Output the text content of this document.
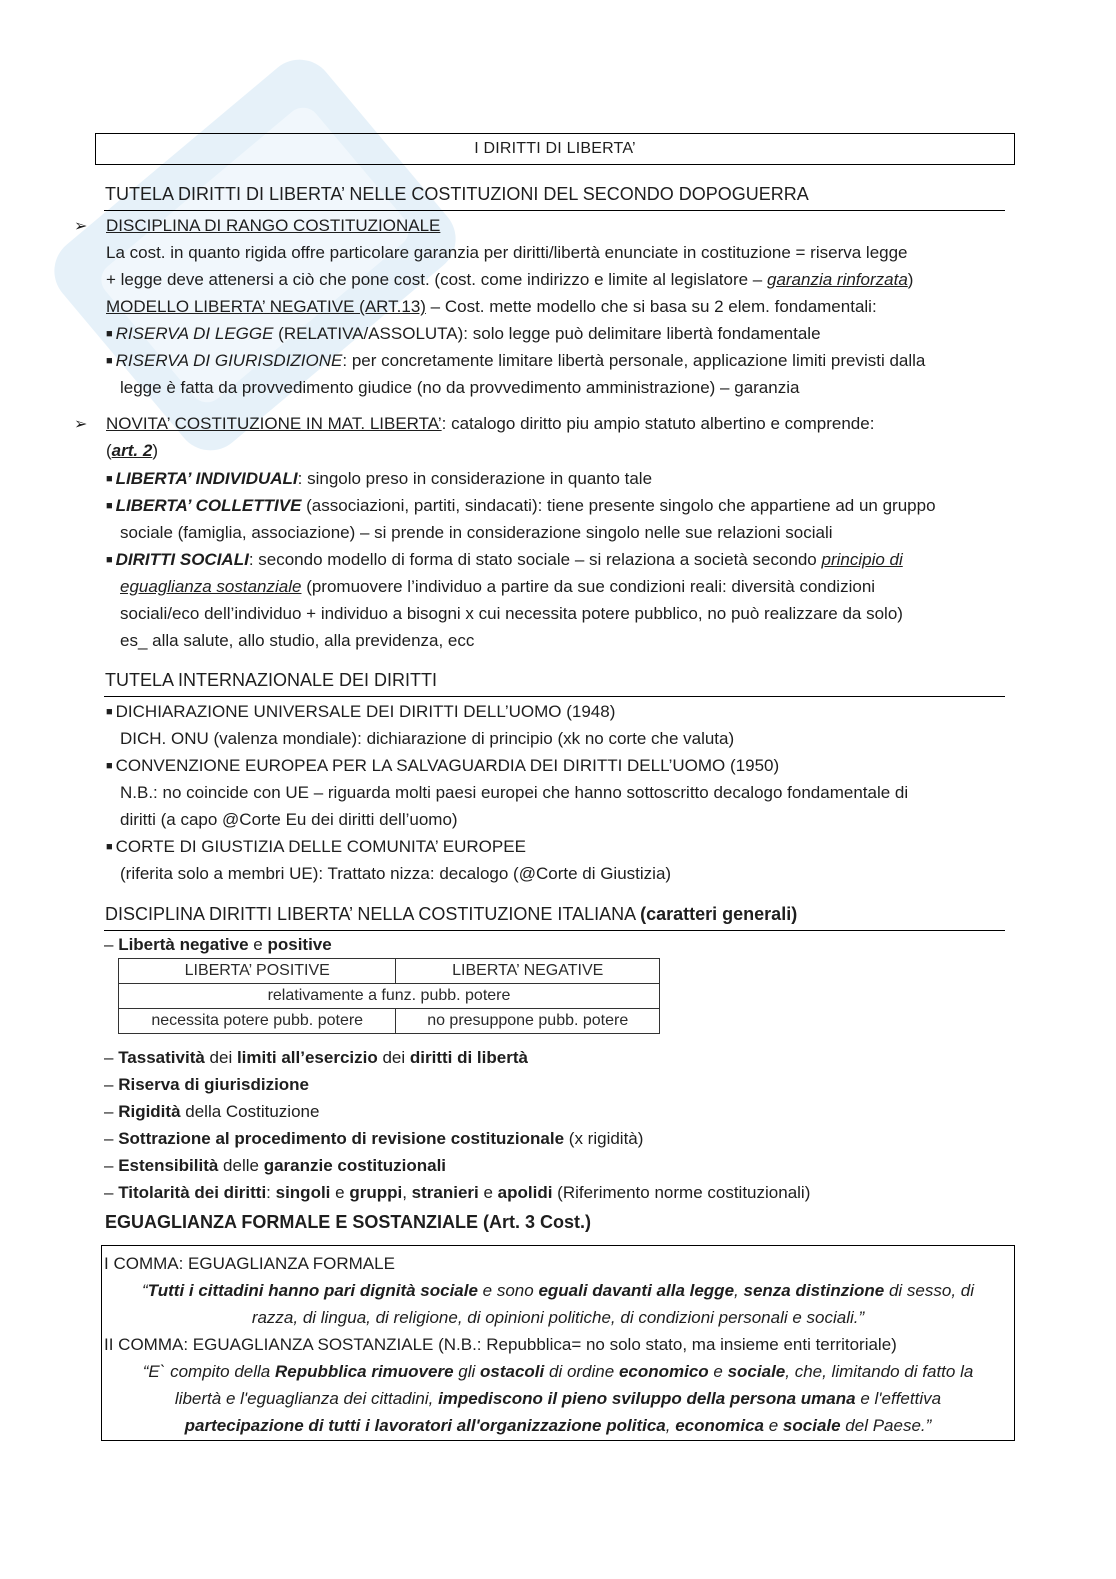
I DIRITTI DI LIBERTA’
TUTELA DIRITTI DI LIBERTA’ NELLE COSTITUZIONI DEL SECONDO DOPOGUERRA
➢ DISCIPLINA DI RANGO COSTITUZIONALE
La cost. in quanto rigida offre particolare garanzia per diritti/libertà enunciate in costituzione = riserva legge
+ legge deve attenersi a ciò che pone cost. (cost. come indirizzo e limite al legislatore – garanzia rinforzata)
MODELLO LIBERTA’ NEGATIVE (ART.13) – Cost. mette modello che si basa su 2 elem. fondamentali:
■ RISERVA DI LEGGE (RELATIVA/ASSOLUTA): solo legge può delimitare libertà fondamentale
■ RISERVA DI GIURISDIZIONE: per concretamente limitare libertà personale, applicazione limiti previsti dalla
legge è fatta da provvedimento giudice (no da provvedimento amministrazione) – garanzia
➢ NOVITA’ COSTITUZIONE IN MAT. LIBERTA’: catalogo diritto piu ampio statuto albertino e comprende:
(art. 2)
■ LIBERTA’ INDIVIDUALI: singolo preso in considerazione in quanto tale
■ LIBERTA’ COLLETTIVE (associazioni, partiti, sindacati): tiene presente singolo che appartiene ad un gruppo
sociale (famiglia, associazione) – si prende in considerazione singolo nelle sue relazioni sociali
■ DIRITTI SOCIALI: secondo modello di forma di stato sociale – si relaziona a società secondo principio di
eguaglianza sostanziale (promuovere l’individuo a partire da sue condizioni reali: diversità condizioni
sociali/eco dell’individuo + individuo a bisogni x cui necessita potere pubblico, no può realizzare da solo)
es_ alla salute, allo studio, alla previdenza, ecc
TUTELA INTERNAZIONALE DEI DIRITTI
■ DICHIARAZIONE UNIVERSALE DEI DIRITTI DELL’UOMO (1948)
DICH. ONU (valenza mondiale): dichiarazione di principio (xk no corte che valuta)
■ CONVENZIONE EUROPEA PER LA SALVAGUARDIA DEI DIRITTI DELL’UOMO (1950)
N.B.: no coincide con UE – riguarda molti paesi europei che hanno sottoscritto decalogo fondamentale di
diritti (a capo @Corte Eu dei diritti dell’uomo)
■ CORTE DI GIUSTIZIA DELLE COMUNITA’ EUROPEE
(riferita solo a membri UE): Trattato nizza: decalogo (@Corte di Giustizia)
DISCIPLINA DIRITTI LIBERTA’ NELLA COSTITUZIONE ITALIANA (caratteri generali)
– Libertà negative e positive
LIBERTA’ POSITIVE	LIBERTA’ NEGATIVE
relativamente a funz. pubb. potere	
necessita potere pubb. potere	no presuppone pubb. potere
– Tassatività dei limiti all’esercizio dei diritti di libertà
– Riserva di giurisdizione
– Rigidità della Costituzione
– Sottrazione al procedimento di revisione costituzionale (x rigidità)
– Estensibilità delle garanzie costituzionali
– Titolarità dei diritti: singoli e gruppi, stranieri e apolidi (Riferimento norme costituzionali)
EGUAGLIANZA FORMALE E SOSTANZIALE (Art. 3 Cost.)
I COMMA: EGUAGLIANZA FORMALE
“Tutti i cittadini hanno pari dignità sociale e sono eguali davanti alla legge, senza distinzione di sesso, di
razza, di lingua, di religione, di opinioni politiche, di condizioni personali e sociali.”
II COMMA: EGUAGLIANZA SOSTANZIALE (N.B.: Repubblica= no solo stato, ma insieme enti territoriale)
“E` compito della Repubblica rimuovere gli ostacoli di ordine economico e sociale, che, limitando di fatto la
libertà e l'eguaglianza dei cittadini, impediscono il pieno sviluppo della persona umana e l'effettiva
partecipazione di tutti i lavoratori all'organizzazione politica, economica e sociale del Paese.”
